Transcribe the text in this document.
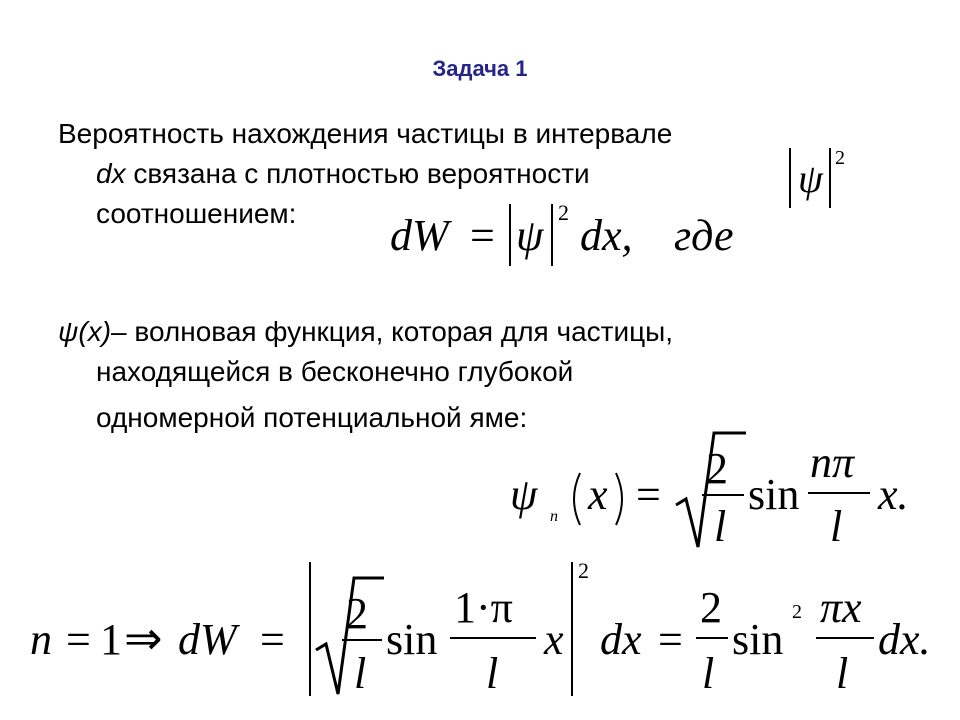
Задача 1
Вероятность нахождения частицы в интервале
dx связана с плотностью вероятности
соотношением:
ψ(x)– волновая функция, которая для частицы,
находящейся в бесконечно глубокой
одномерной потенциальной яме:
ψ 2
dW = ψ 2 dx, где
ψ n x =
2
l
sin
nπ
l
x.
n = 1 ⇒ dW =
2
l
sin
1·π
l
x
2
dx =
2
l
sin
2 πx
l
dx.
